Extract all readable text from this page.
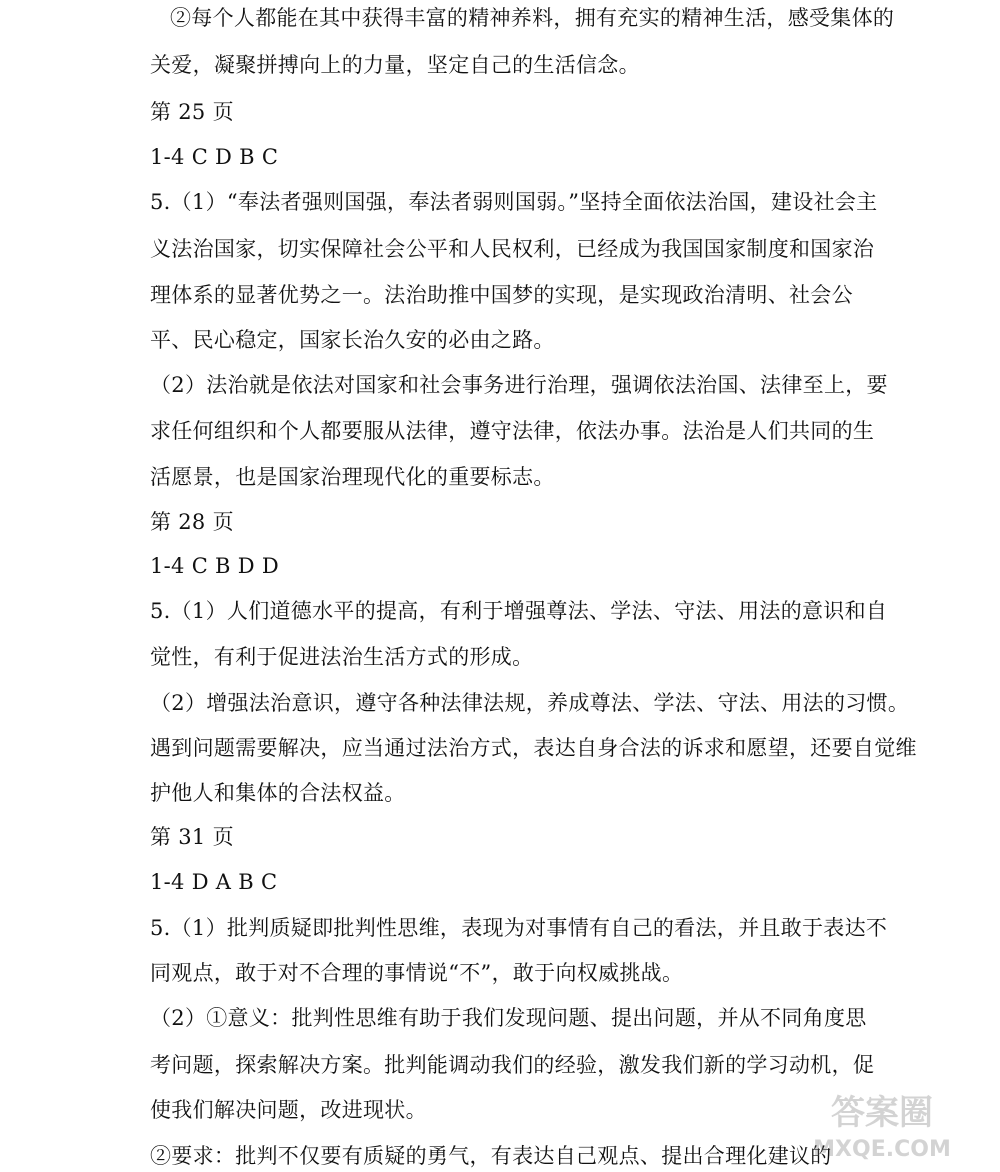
②每个人都能在其中获得丰富的精神养料，拥有充实的精神生活，感受集体的
关爱，凝聚拼搏向上的力量，坚定自己的生活信念。
第 25 页
1-4 C D B C
5.（1）“奉法者强则国强，奉法者弱则国弱。”坚持全面依法治国，建设社会主
义法治国家，切实保障社会公平和人民权利，已经成为我国国家制度和国家治
理体系的显著优势之一。法治助推中国梦的实现，是实现政治清明、社会公
平、民心稳定，国家长治久安的必由之路。
（2）法治就是依法对国家和社会事务进行治理，强调依法治国、法律至上，要
求任何组织和个人都要服从法律，遵守法律，依法办事。法治是人们共同的生
活愿景，也是国家治理现代化的重要标志。
第 28 页
1-4 C B D D
5.（1）人们道德水平的提高，有利于增强尊法、学法、守法、用法的意识和自
觉性，有利于促进法治生活方式的形成。
（2）增强法治意识，遵守各种法律法规，养成尊法、学法、守法、用法的习惯。
遇到问题需要解决，应当通过法治方式，表达自身合法的诉求和愿望，还要自觉维
护他人和集体的合法权益。
第 31 页
1-4 D A B C
5.（1）批判质疑即批判性思维，表现为对事情有自己的看法，并且敢于表达不
同观点，敢于对不合理的事情说“不”，敢于向权威挑战。
（2）①意义：批判性思维有助于我们发现问题、提出问题，并从不同角度思
考问题，探索解决方案。批判能调动我们的经验，激发我们新的学习动机，促
使我们解决问题，改进现状。
②要求：批判不仅要有质疑的勇气，有表达自己观点、提出合理化建议的
答案圈
MXQE.COM
